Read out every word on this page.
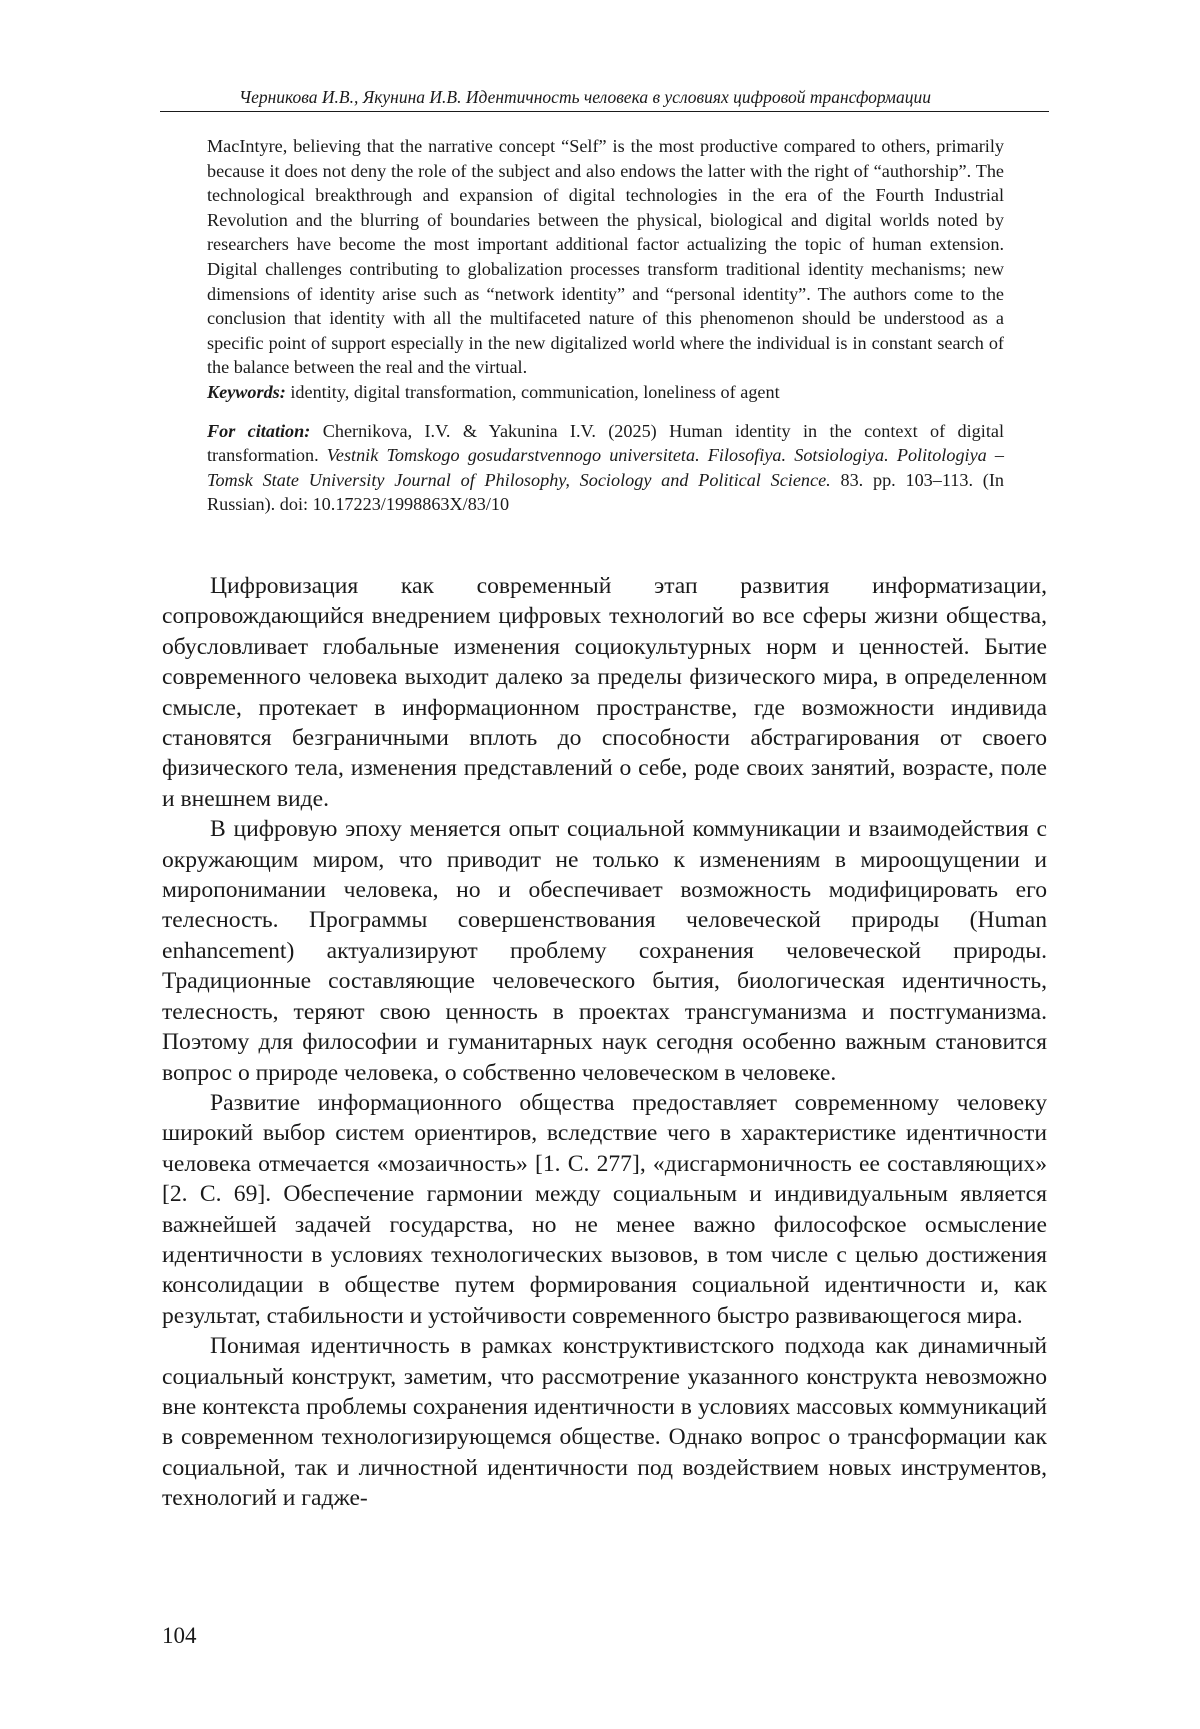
Черникова И.В., Якунина И.В. Идентичность человека в условиях цифровой трансформации

MacIntyre, believing that the narrative concept “Self” is the most productive compared to others, primarily because it does not deny the role of the subject and also endows the latter with the right of “authorship”. The technological breakthrough and expansion of digital technologies in the era of the Fourth Industrial Revolution and the blurring of boundaries between the physical, biological and digital worlds noted by researchers have become the most important additional factor actualizing the topic of human extension. Digital challenges contributing to globalization processes transform traditional identity mechanisms; new dimensions of identity arise such as “network identity” and “personal identity”. The authors come to the conclusion that identity with all the multifaceted nature of this phenomenon should be understood as a specific point of support especially in the new digitalized world where the individual is in constant search of the balance between the real and the virtual.

Keywords: identity, digital transformation, communication, loneliness of agent

For citation: Chernikova, I.V. & Yakunina I.V. (2025) Human identity in the context of digital transformation. Vestnik Tomskogo gosudarstvennogo universiteta. Filosofiya. Sotsiologiya. Politologiya – Tomsk State University Journal of Philosophy, Sociology and Political Science. 83. pp. 103–113. (In Russian). doi: 10.17223/1998863X/83/10

Цифровизация как современный этап развития информатизации, сопровождающийся внедрением цифровых технологий во все сферы жизни общества, обусловливает глобальные изменения социокультурных норм и ценностей. Бытие современного человека выходит далеко за пределы физического мира, в определенном смысле, протекает в информационном пространстве, где возможности индивида становятся безграничными вплоть до способности абстрагирования от своего физического тела, изменения представлений о себе, роде своих занятий, возрасте, поле и внешнем виде.

В цифровую эпоху меняется опыт социальной коммуникации и взаимодействия с окружающим миром, что приводит не только к изменениям в мироощущении и миропонимании человека, но и обеспечивает возможность модифицировать его телесность. Программы совершенствования человеческой природы (Human enhancement) актуализируют проблему сохранения человеческой природы. Традиционные составляющие человеческого бытия, биологическая идентичность, телесность, теряют свою ценность в проектах трансгуманизма и постгуманизма. Поэтому для философии и гуманитарных наук сегодня особенно важным становится вопрос о природе человека, о собственно человеческом в человеке.

Развитие информационного общества предоставляет современному человеку широкий выбор систем ориентиров, вследствие чего в характеристике идентичности человека отмечается «мозаичность» [1. С. 277], «дисгармоничность ее составляющих» [2. С. 69]. Обеспечение гармонии между социальным и индивидуальным является важнейшей задачей государства, но не менее важно философское осмысление идентичности в условиях технологических вызовов, в том числе с целью достижения консолидации в обществе путем формирования социальной идентичности и, как результат, стабильности и устойчивости современного быстро развивающегося мира.

Понимая идентичность в рамках конструктивистского подхода как динамичный социальный конструкт, заметим, что рассмотрение указанного конструкта невозможно вне контекста проблемы сохранения идентичности в условиях массовых коммуникаций в современном технологизирующемся обществе. Однако вопрос о трансформации как социальной, так и личностной идентичности под воздействием новых инструментов, технологий и гадже-

104
